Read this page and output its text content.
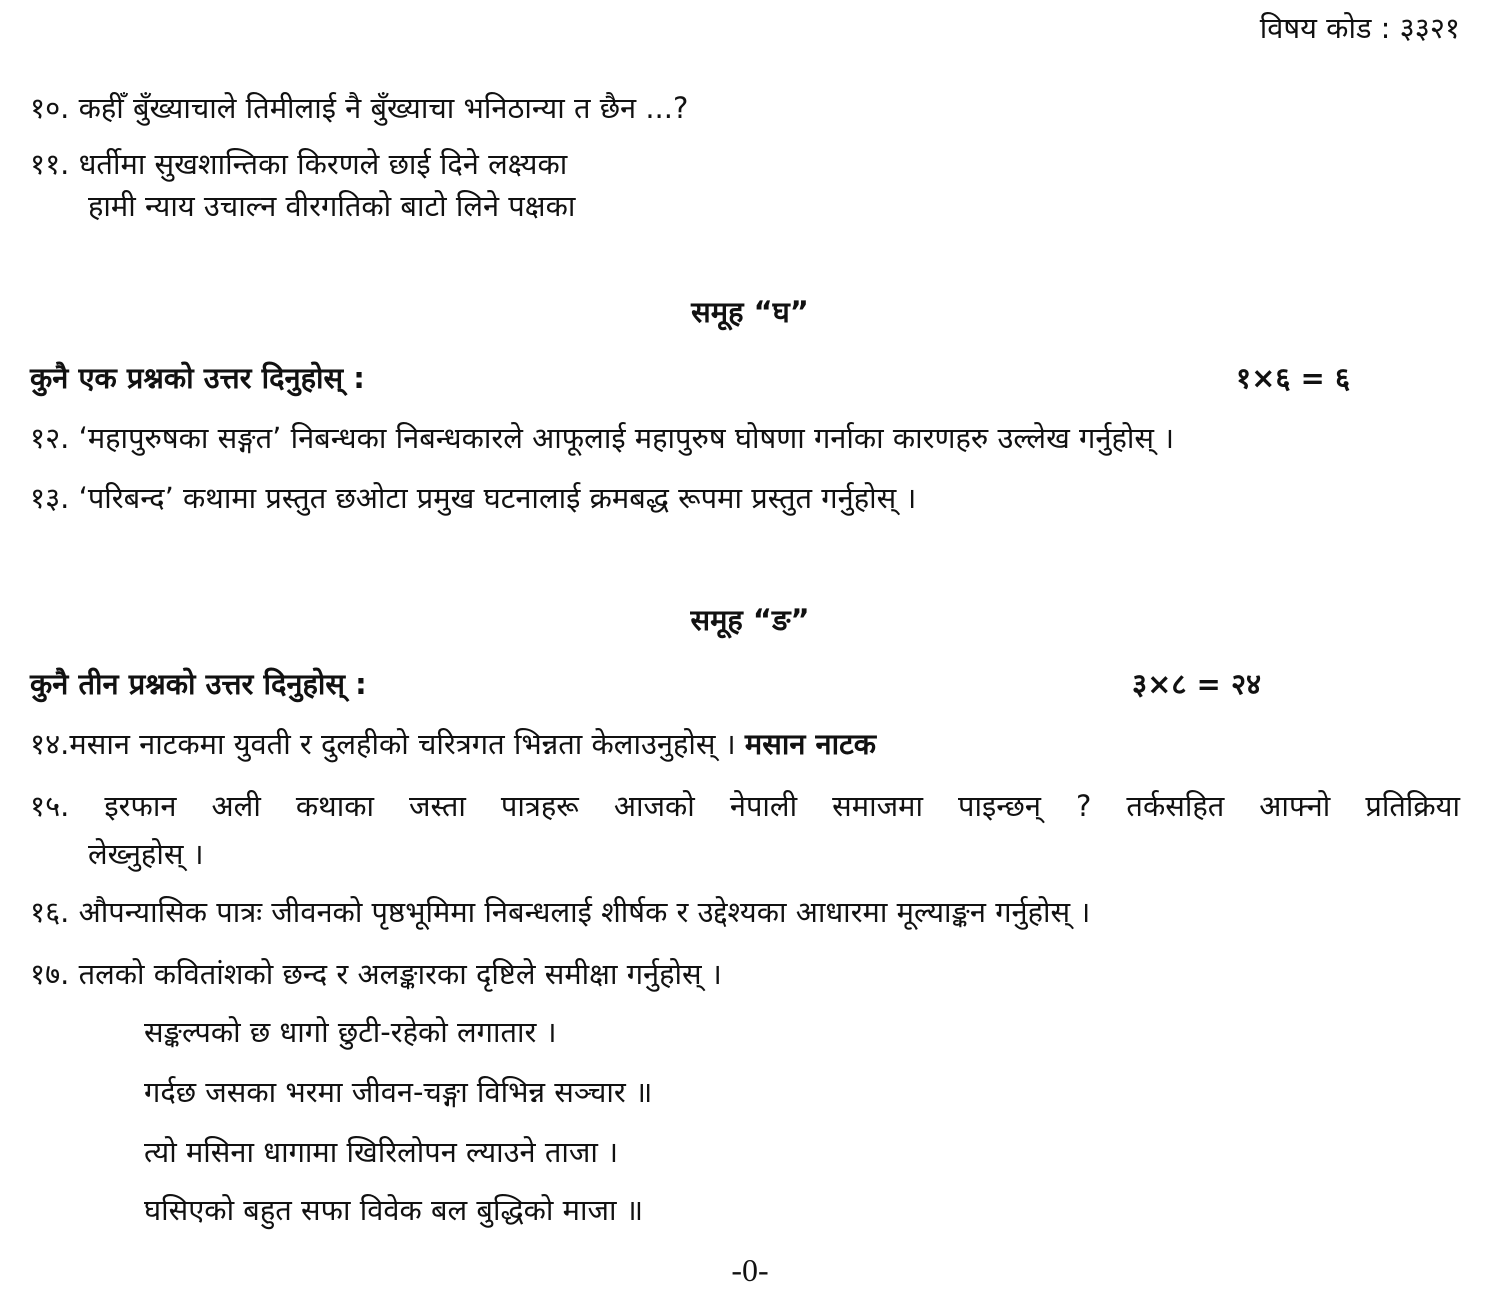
विषय कोड : ३३२१
१०. कहीँ बुँख्याचाले तिमीलाई नै बुँख्याचा भनिठान्या त छैन ...?
११. धर्तीमा सुखशान्तिका किरणले छाई दिने लक्ष्यका
हामी न्याय उचाल्न वीरगतिको बाटो लिने पक्षका
समूह “घ”
कुनै एक प्रश्नको उत्तर दिनुहोस् :	१×६ = ६
१२. ‘महापुरुषका सङ्गत’ निबन्धका निबन्धकारले आफूलाई महापुरुष घोषणा गर्नाका कारणहरु उल्लेख गर्नुहोस् ।
१३. ‘परिबन्द’ कथामा प्रस्तुत छओटा प्रमुख घटनालाई क्रमबद्ध रूपमा प्रस्तुत गर्नुहोस् ।
समूह “ङ”
कुनै तीन प्रश्नको उत्तर दिनुहोस् :	३×८ = २४
१४.मसान नाटकमा युवती र दुलहीको चरित्रगत भिन्नता केलाउनुहोस् । मसान नाटक
१५. इरफान अली कथाका जस्ता पात्रहरू आजको नेपाली समाजमा पाइन्छन् ? तर्कसहित आफ्नो प्रतिक्रिया
लेख्नुहोस् ।
१६. औपन्यासिक पात्रः जीवनको पृष्ठभूमिमा निबन्धलाई शीर्षक र उद्देश्यका आधारमा मूल्याङ्कन गर्नुहोस् ।
१७. तलको कवितांशको छन्द र अलङ्कारका दृष्टिले समीक्षा गर्नुहोस् ।
सङ्कल्पको छ धागो छुटी-रहेको लगातार ।
गर्दछ जसका भरमा जीवन-चङ्गा विभिन्न सञ्चार ॥
त्यो मसिना धागामा खिरिलोपन ल्याउने ताजा ।
घसिएको बहुत सफा विवेक बल बुद्धिको माजा ॥
-0-
